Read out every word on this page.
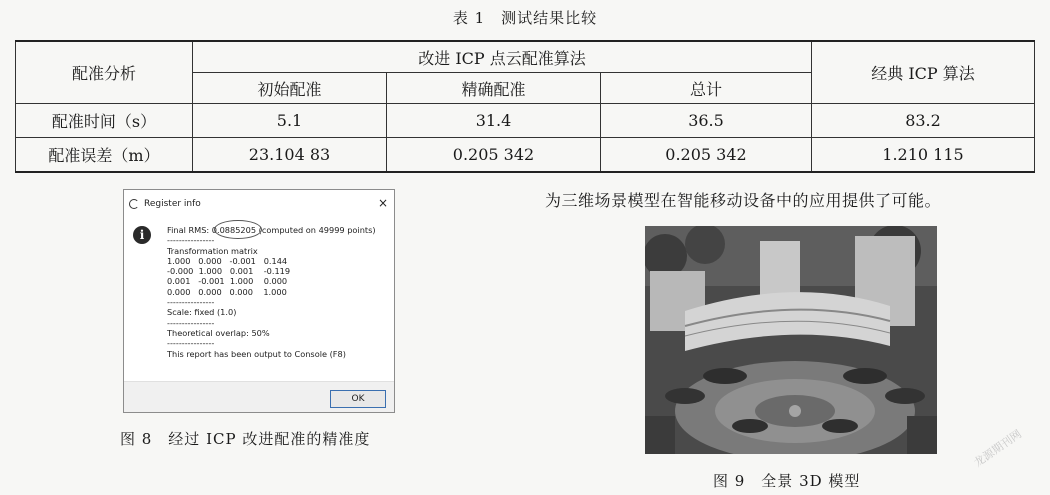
表 1　测试结果比较
配准分析	改进 ICP 点云配准算法			经典 ICP 算法
	初始配准	精确配准	总计	
配准时间（s）	5.1	31.4	36.5	83.2
配准误差（m）	23.104 83	0.205 342	0.205 342	1.210 115
Register info	×
i	Final RMS: 0.0885205 (computed on 49999 points)
----------------
Transformation matrix
1.000   0.000   -0.001   0.144
-0.000  1.000   0.001    -0.119
0.001   -0.001  1.000    0.000
0.000   0.000   0.000    1.000
----------------
Scale: fixed (1.0)
----------------
Theoretical overlap: 50%
----------------
This report has been output to Console (F8)
OK
图 8　经过 ICP 改进配准的精准度
为三维场景模型在智能移动设备中的应用提供了可能。
图 9　全景 3D 模型
龙源期刊网
